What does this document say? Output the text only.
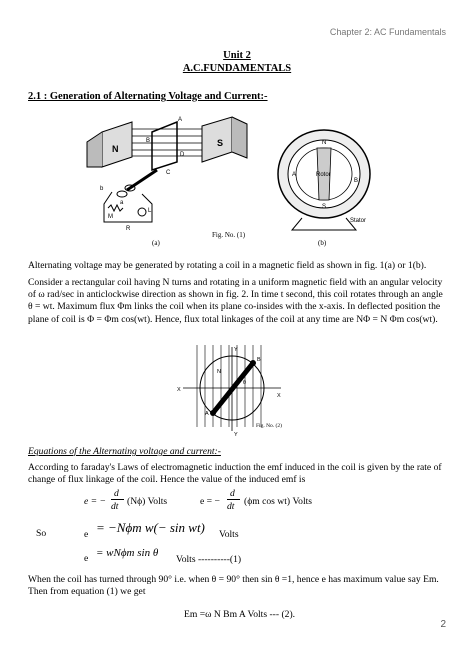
Chapter 2: AC Fundamentals
Unit 2
A.C.FUNDAMENTALS
2.1 : Generation of Alternating Voltage and Current:-
N
S
A
B
D
C
b
a
M
L
R
(a)
Fig. No. (1)
N
Rotor
A
B
S
Stator
(b)
Alternating voltage may be generated by rotating a coil in a magnetic field as shown in fig. 1(a) or 1(b).
Consider a rectangular coil having N turns and rotating in a uniform magnetic field with an angular velocity of ω rad/sec in anticlockwise direction as shown in fig. 2. In time t second, this coil rotates through an angle θ = wt. Maximum flux Φm links the coil when its plane co-insides with the x-axis. In deflected position the plane of coil is Φ = Φm cos(wt). Hence, flux total linkages of the coil at any time are NΦ = N Φm cos(wt).
Y
X
X
Y
N
B
A
θ
Fig. No. (2)
Equations of the Alternating voltage and current:-
According to faraday's Laws of electromagnetic induction the emf induced in the coil is given by the rate of change of flux linkage of the coil. Hence the value of the induced emf is
e = −
d
dt (Nϕ) Volts	e = −
d
dt (ϕm cos wt) Volts
So	e = −Nϕm w(− sin wt) Volts
e = wNϕm sin θ
Volts ----------(1)
When the coil has turned through 90° i.e. when θ = 90° then sin θ =1, hence e has maximum value say Em. Then from equation (1) we get
Em =ω N Bm A Volts --- (2).
2
